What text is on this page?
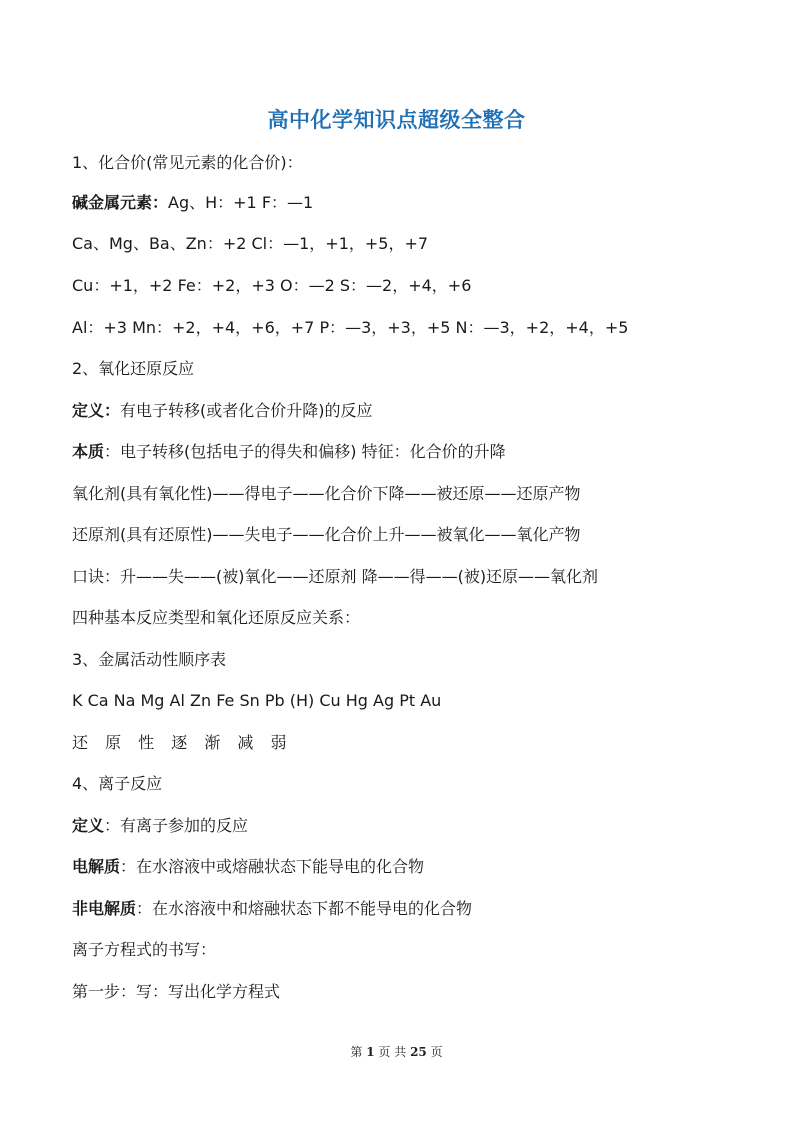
高中化学知识点超级全整合
1、化合价(常见元素的化合价)：
碱金属元素：Ag、H：+1 F：—1
Ca、Mg、Ba、Zn：+2 Cl：—1，+1，+5，+7
Cu：+1，+2 Fe：+2，+3 O：—2 S：—2，+4，+6
Al：+3 Mn：+2，+4，+6，+7 P：—3，+3，+5 N：—3，+2，+4，+5
2、氧化还原反应
定义：有电子转移(或者化合价升降)的反应
本质：电子转移(包括电子的得失和偏移) 特征：化合价的升降
氧化剂(具有氧化性)——得电子——化合价下降——被还原——还原产物
还原剂(具有还原性)——失电子——化合价上升——被氧化——氧化产物
口诀：升——失——(被)氧化——还原剂 降——得——(被)还原——氧化剂
四种基本反应类型和氧化还原反应关系：
3、金属活动性顺序表
K Ca Na Mg Al Zn Fe Sn Pb (H) Cu Hg Ag Pt Au
还 原 性 逐 渐 减 弱
4、离子反应
定义：有离子参加的反应
电解质：在水溶液中或熔融状态下能导电的化合物
非电解质：在水溶液中和熔融状态下都不能导电的化合物
离子方程式的书写：
第一步：写：写出化学方程式
第 1 页 共 25 页
